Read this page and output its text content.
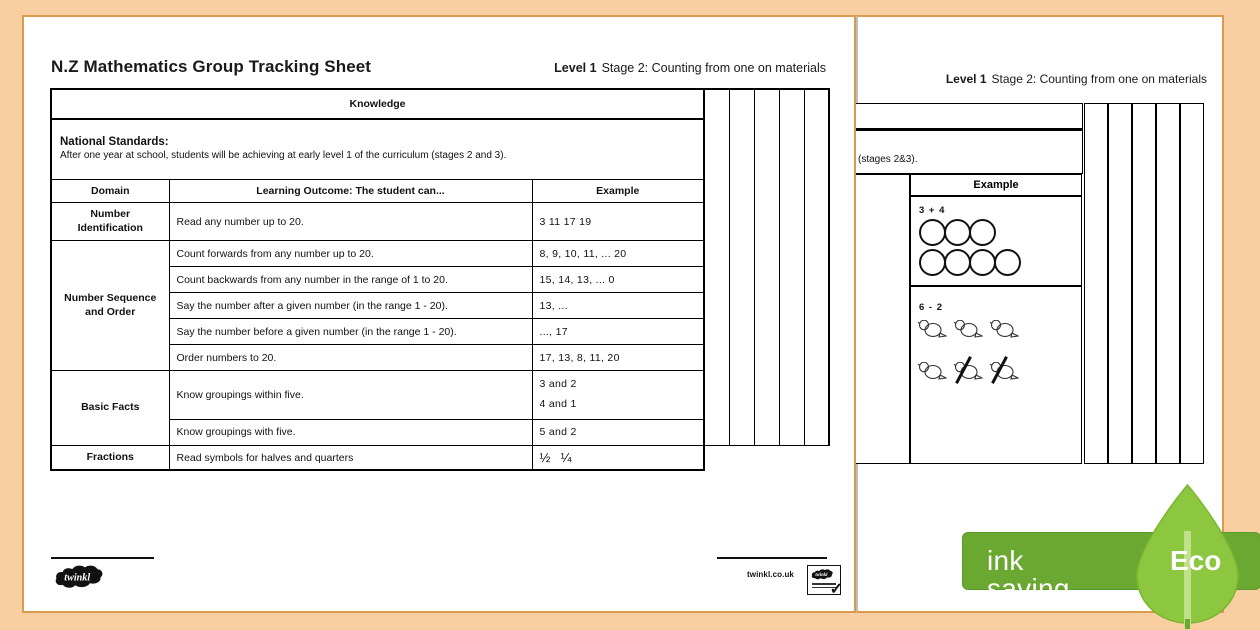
Level 1 Stage 2: Counting from one on materials
(stages 2&3).
Example
3 + 4
6 - 2
N.Z Mathematics Group Tracking Sheet	Level 1 Stage 2: Counting from one on materials
Knowledge							

National Standards:
After one year at school, students will be achieving at early level 1 of the curriculum (stages 2 and 3).							

Domain	Learning Outcome: The student can...	Example					
Number
Identification	Read any number up to 20.	3 11 17 19					
Number Sequence
and Order	Count forwards from any number up to 20.	8, 9, 10, 11, ... 20					
	Count backwards from any number in the range of 1 to 20.	15, 14, 13, ... 0					
	Say the number after a given number (in the range 1 - 20).	13, ...					
	Say the number before a given number (in the range 1 - 20).	..., 17					
	Order numbers to 20.	17, 13, 8, 11, 20					
Basic Facts	Know groupings within five.	3 and 2
4 and 1					

	Know groupings with five.	5 and 2					
Fractions	Read symbols for halves and quarters	½ ¼					
twinkl	twinkl.co.uk twinkl
✓
ink saving
Eco
